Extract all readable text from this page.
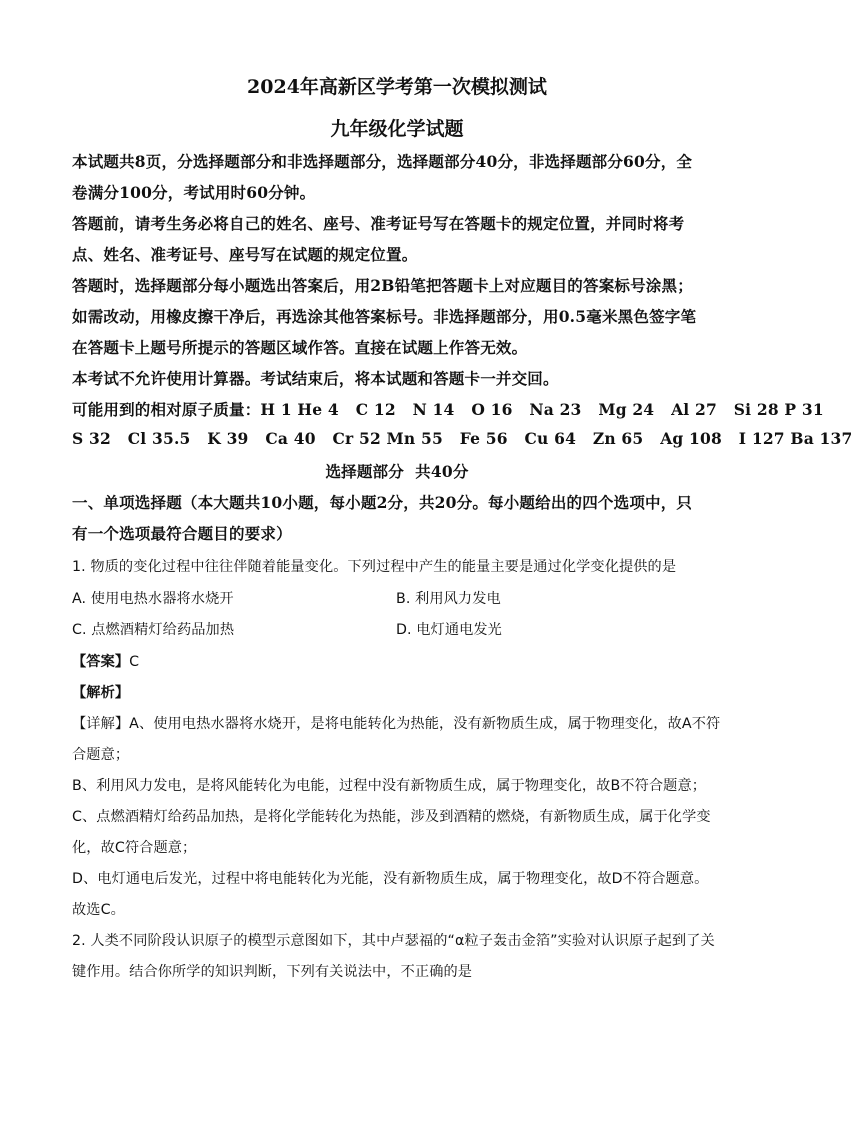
2024年高新区学考第一次模拟测试
九年级化学试题
本试题共8页，分选择题部分和非选择题部分，选择题部分40分，非选择题部分60分，全
卷满分100分，考试用时60分钟。
答题前，请考生务必将自己的姓名、座号、准考证号写在答题卡的规定位置，并同时将考
点、姓名、准考证号、座号写在试题的规定位置。
答题时，选择题部分每小题选出答案后，用2B铅笔把答题卡上对应题目的答案标号涂黑；
如需改动，用橡皮擦干净后，再选涂其他答案标号。非选择题部分，用0.5毫米黑色签字笔
在答题卡上题号所提示的答题区域作答。直接在试题上作答无效。
本考试不允许使用计算器。考试结束后，将本试题和答题卡一并交回。
可能用到的相对原子质量：H 1 He 4   C 12   N 14   O 16   Na 23   Mg 24   Al 27   Si 28 P 31
S 32   Cl 35.5   K 39   Ca 40   Cr 52 Mn 55   Fe 56   Cu 64   Zn 65   Ag 108   I 127 Ba 137
选择题部分  共40分
一、单项选择题（本大题共10小题，每小题2分，共20分。每小题给出的四个选项中，只
有一个选项最符合题目的要求）
1. 物质的变化过程中往往伴随着能量变化。下列过程中产生的能量主要是通过化学变化提供的是
A. 使用电热水器将水烧开	B. 利用风力发电
C. 点燃酒精灯给药品加热	D. 电灯通电发光
【答案】C
【解析】
【详解】A、使用电热水器将水烧开，是将电能转化为热能，没有新物质生成，属于物理变化，故A不符
合题意；
B、利用风力发电，是将风能转化为电能，过程中没有新物质生成，属于物理变化，故B不符合题意；
C、点燃酒精灯给药品加热，是将化学能转化为热能，涉及到酒精的燃烧，有新物质生成，属于化学变
化，故C符合题意；
D、电灯通电后发光，过程中将电能转化为光能，没有新物质生成，属于物理变化，故D不符合题意。
故选C。
2. 人类不同阶段认识原子的模型示意图如下，其中卢瑟福的“α粒子轰击金箔”实验对认识原子起到了关
键作用。结合你所学的知识判断，下列有关说法中，不正确的是
